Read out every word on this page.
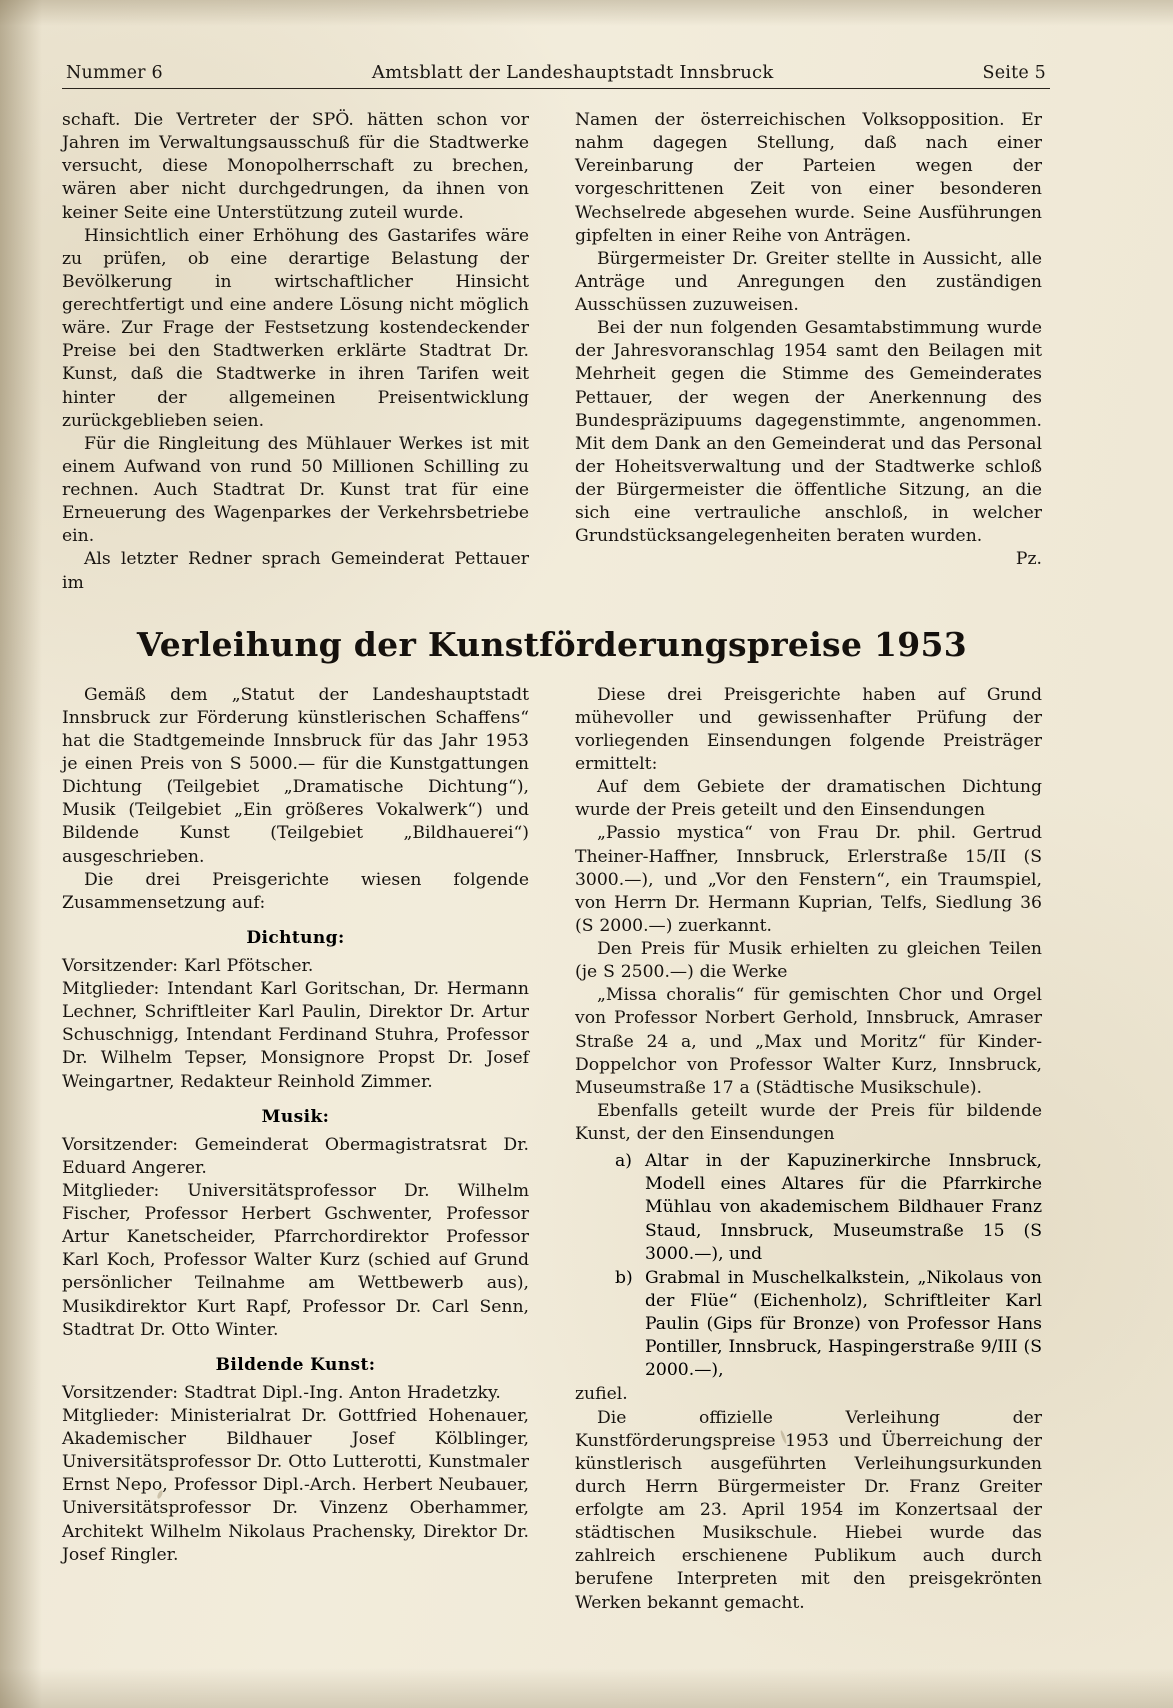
Nummer 6	Amtsblatt der Landeshauptstadt Innsbruck	Seite 5

schaft. Die Vertreter der SPÖ. hätten schon vor Jahren im Verwaltungsausschuß für die Stadtwerke versucht, diese Monopolherrschaft zu brechen, wären aber nicht durchgedrungen, da ihnen von keiner Seite eine Unterstützung zuteil wurde.

Hinsichtlich einer Erhöhung des Gastarifes wäre zu prüfen, ob eine derartige Belastung der Bevölkerung in wirtschaftlicher Hinsicht gerechtfertigt und eine andere Lösung nicht möglich wäre. Zur Frage der Festsetzung kostendeckender Preise bei den Stadtwerken erklärte Stadtrat Dr. Kunst, daß die Stadtwerke in ihren Tarifen weit hinter der allgemeinen Preisentwicklung zurückgeblieben seien.

Für die Ringleitung des Mühlauer Werkes ist mit einem Aufwand von rund 50 Millionen Schilling zu rechnen. Auch Stadtrat Dr. Kunst trat für eine Erneuerung des Wagenparkes der Verkehrsbetriebe ein.

Als letzter Redner sprach Gemeinderat Pettauer im

Namen der österreichischen Volksopposition. Er nahm dagegen Stellung, daß nach einer Vereinbarung der Parteien wegen der vorgeschrittenen Zeit von einer besonderen Wechselrede abgesehen wurde. Seine Ausführungen gipfelten in einer Reihe von Anträgen.

Bürgermeister Dr. Greiter stellte in Aussicht, alle Anträge und Anregungen den zuständigen Ausschüssen zuzuweisen.

Bei der nun folgenden Gesamtabstimmung wurde der Jahresvoranschlag 1954 samt den Beilagen mit Mehrheit gegen die Stimme des Gemeinderates Pettauer, der wegen der Anerkennung des Bundespräzipuums dagegenstimmte, angenommen. Mit dem Dank an den Gemeinderat und das Personal der Hoheitsverwaltung und der Stadtwerke schloß der Bürgermeister die öffentliche Sitzung, an die sich eine vertrauliche anschloß, in welcher Grundstücksangelegenheiten beraten wurden.

Pz.

Verleihung der Kunstförderungspreise 1953

Gemäß dem „Statut der Landeshauptstadt Innsbruck zur Förderung künstlerischen Schaffens“ hat die Stadtgemeinde Innsbruck für das Jahr 1953 je einen Preis von S 5000.— für die Kunstgattungen Dichtung (Teilgebiet „Dramatische Dichtung“), Musik (Teilgebiet „Ein größeres Vokalwerk“) und Bildende Kunst (Teilgebiet „Bildhauerei“) ausgeschrieben.

Die drei Preisgerichte wiesen folgende Zusammensetzung auf:

Dichtung:

Vorsitzender: Karl Pfötscher.

Mitglieder: Intendant Karl Goritschan, Dr. Hermann Lechner, Schriftleiter Karl Paulin, Direktor Dr. Artur Schuschnigg, Intendant Ferdinand Stuhra, Professor Dr. Wilhelm Tepser, Monsignore Propst Dr. Josef Weingartner, Redakteur Reinhold Zimmer.

Musik:

Vorsitzender: Gemeinderat Obermagistratsrat Dr. Eduard Angerer.

Mitglieder: Universitätsprofessor Dr. Wilhelm Fischer, Professor Herbert Gschwenter, Professor Artur Kanetscheider, Pfarrchordirektor Professor Karl Koch, Professor Walter Kurz (schied auf Grund persönlicher Teilnahme am Wettbewerb aus), Musikdirektor Kurt Rapf, Professor Dr. Carl Senn, Stadtrat Dr. Otto Winter.

Bildende Kunst:

Vorsitzender: Stadtrat Dipl.-Ing. Anton Hradetzky.

Mitglieder: Ministerialrat Dr. Gottfried Hohenauer, Akademischer Bildhauer Josef Kölblinger, Universitätsprofessor Dr. Otto Lutterotti, Kunstmaler Ernst Nepo, Professor Dipl.-Arch. Herbert Neubauer, Universitätsprofessor Dr. Vinzenz Oberhammer, Architekt Wilhelm Nikolaus Prachensky, Direktor Dr. Josef Ringler.

Diese drei Preisgerichte haben auf Grund mühevoller und gewissenhafter Prüfung der vorliegenden Einsendungen folgende Preisträger ermittelt:

Auf dem Gebiete der dramatischen Dichtung wurde der Preis geteilt und den Einsendungen

„Passio mystica“ von Frau Dr. phil. Gertrud Theiner-Haffner, Innsbruck, Erlerstraße 15/II (S 3000.—), und „Vor den Fenstern“, ein Traumspiel, von Herrn Dr. Hermann Kuprian, Telfs, Siedlung 36 (S 2000.—) zuerkannt.

Den Preis für Musik erhielten zu gleichen Teilen (je S 2500.—) die Werke

„Missa choralis“ für gemischten Chor und Orgel von Professor Norbert Gerhold, Innsbruck, Amraser Straße 24 a, und „Max und Moritz“ für Kinder-Doppelchor von Professor Walter Kurz, Innsbruck, Museumstraße 17 a (Städtische Musikschule).

Ebenfalls geteilt wurde der Preis für bildende Kunst, der den Einsendungen

a) Altar in der Kapuzinerkirche Innsbruck, Modell eines Altares für die Pfarrkirche Mühlau von akademischem Bildhauer Franz Staud, Innsbruck, Museumstraße 15 (S 3000.—), und
b) Grabmal in Muschelkalkstein, „Nikolaus von der Flüe“ (Eichenholz), Schriftleiter Karl Paulin (Gips für Bronze) von Professor Hans Pontiller, Innsbruck, Haspingerstraße 9/III (S 2000.—),

zufiel.

Die offizielle Verleihung der Kunstförderungspreise 1953 und Überreichung der künstlerisch ausgeführten Verleihungsurkunden durch Herrn Bürgermeister Dr. Franz Greiter erfolgte am 23. April 1954 im Konzertsaal der städtischen Musikschule. Hiebei wurde das zahlreich erschienene Publikum auch durch berufene Interpreten mit den preisgekrönten Werken bekannt gemacht.
